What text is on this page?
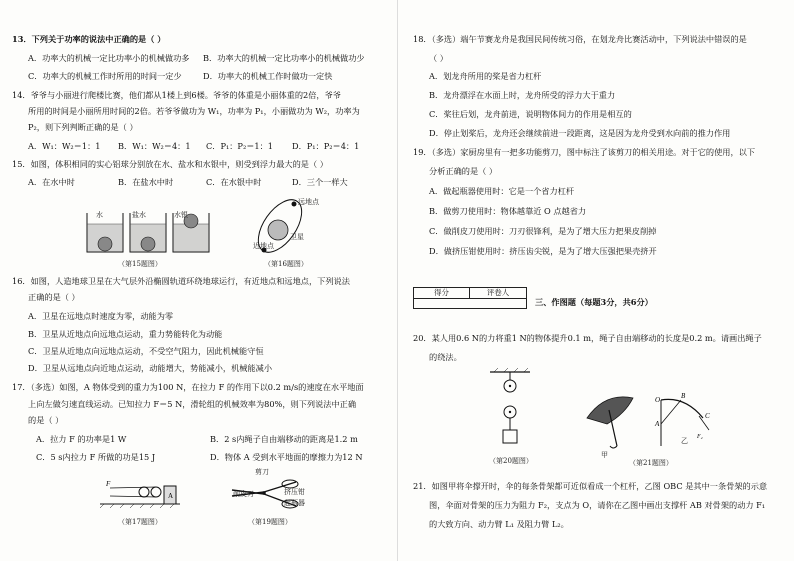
13．下列关于功率的说法中正确的是（ ）
A．功率大的机械一定比功率小的机械做功多 B．功率大的机械一定比功率小的机械做功少
C．功率大的机械工作时所用的时间一定少	D．功率大的机械工作时做功一定快
14．爷爷与小丽进行爬楼比赛，他们都从1楼上到6楼。爷爷的体重是小丽体重的2倍，爷爷
所用的时间是小丽所用时间的2倍。若爷爷做功为 W₁，功率为 P₁，小丽做功为 W₂，功率为
P₂，则下列判断正确的是（ ）
A．W₁：W₂＝1：1 B．W₁：W₂＝4：1 C．P₁：P₂＝1：1 D．P₁：P₂＝4：1
15．如图，体积相同的实心铝球分别放在水、盐水和水银中，则受到浮力最大的是（ ）
A．在水中时	B．在盐水中时	C．在水银中时	D．三个一样大
水	盐水	水银
（第15题图）
远地点
近地点
卫星
（第16题图）
16．如图，人造地球卫星在大气层外沿椭圆轨道环绕地球运行，有近地点和远地点，下列说法
正确的是（ ）
A．卫星在远地点时速度为零，动能为零
B．卫星从近地点向远地点运动，重力势能转化为动能
C．卫星从近地点向远地点运动，不受空气阻力，因此机械能守恒
D．卫星从远地点向近地点运动，动能增大，势能减小，机械能减小
17．（多选）如图，A 物体受到的重力为100 N，在拉力 F 的作用下以0.2 m/s的速度在水平地面
上向左做匀速直线运动。已知拉力 F＝5 N，滑轮组的机械效率为80%，则下列说法中正确
的是（ ）
A．拉力 F 的功率是1 W	B．2 s内绳子自由端移动的距离是1.2 m
C．5 s内拉力 F 所做的功是15 J	D．物体 A 受到水平地面的摩擦力为12 N
A
F
（第17题图）
剪刀
削皮刀	挤压钳
起瓶器
（第19题图）
18．（多选）端午节赛龙舟是我国民间传统习俗，在划龙舟比赛活动中，下列说法中错误的是
（ ）
A．划龙舟所用的桨是省力杠杆
B．龙舟漂浮在水面上时，龙舟所受的浮力大于重力
C．桨往后划，龙舟前进，说明物体间力的作用是相互的
D．停止划桨后，龙舟还会继续前进一段距离，这是因为龙舟受到水向前的推力作用
19．（多选）家厨房里有一把多功能剪刀，图中标注了该剪刀的相关用途。对于它的使用，以下
分析正确的是（ ）
A．做起瓶器使用时：它是一个省力杠杆
B．做剪刀使用时：物体越靠近 O 点越省力
C．做削皮刀使用时：刀刃很锋利，是为了增大压力把果皮削掉
D．做挤压钳使用时：挤压齿尖锐，是为了增大压强把果壳挤开
得分	评卷人
三、作图题（每题3分，共6分）
20．某人用0.6 N的力将重1 N的物体提升0.1 m，绳子自由端移动的长度是0.2 m。请画出绳子
的绕法。
（第20题图）
O
A
B
C
F₂
甲
乙
（第21题图）
21．如图甲将伞撑开时，伞的每条骨架都可近似看成一个杠杆，乙图 OBC 是其中一条骨架的示意
图，伞面对骨架的压力为阻力 F₂，支点为 O，请你在乙图中画出支撑杆 AB 对骨架的动力 F₁
的大致方向、动力臂 L₁ 及阻力臂 L₂。
